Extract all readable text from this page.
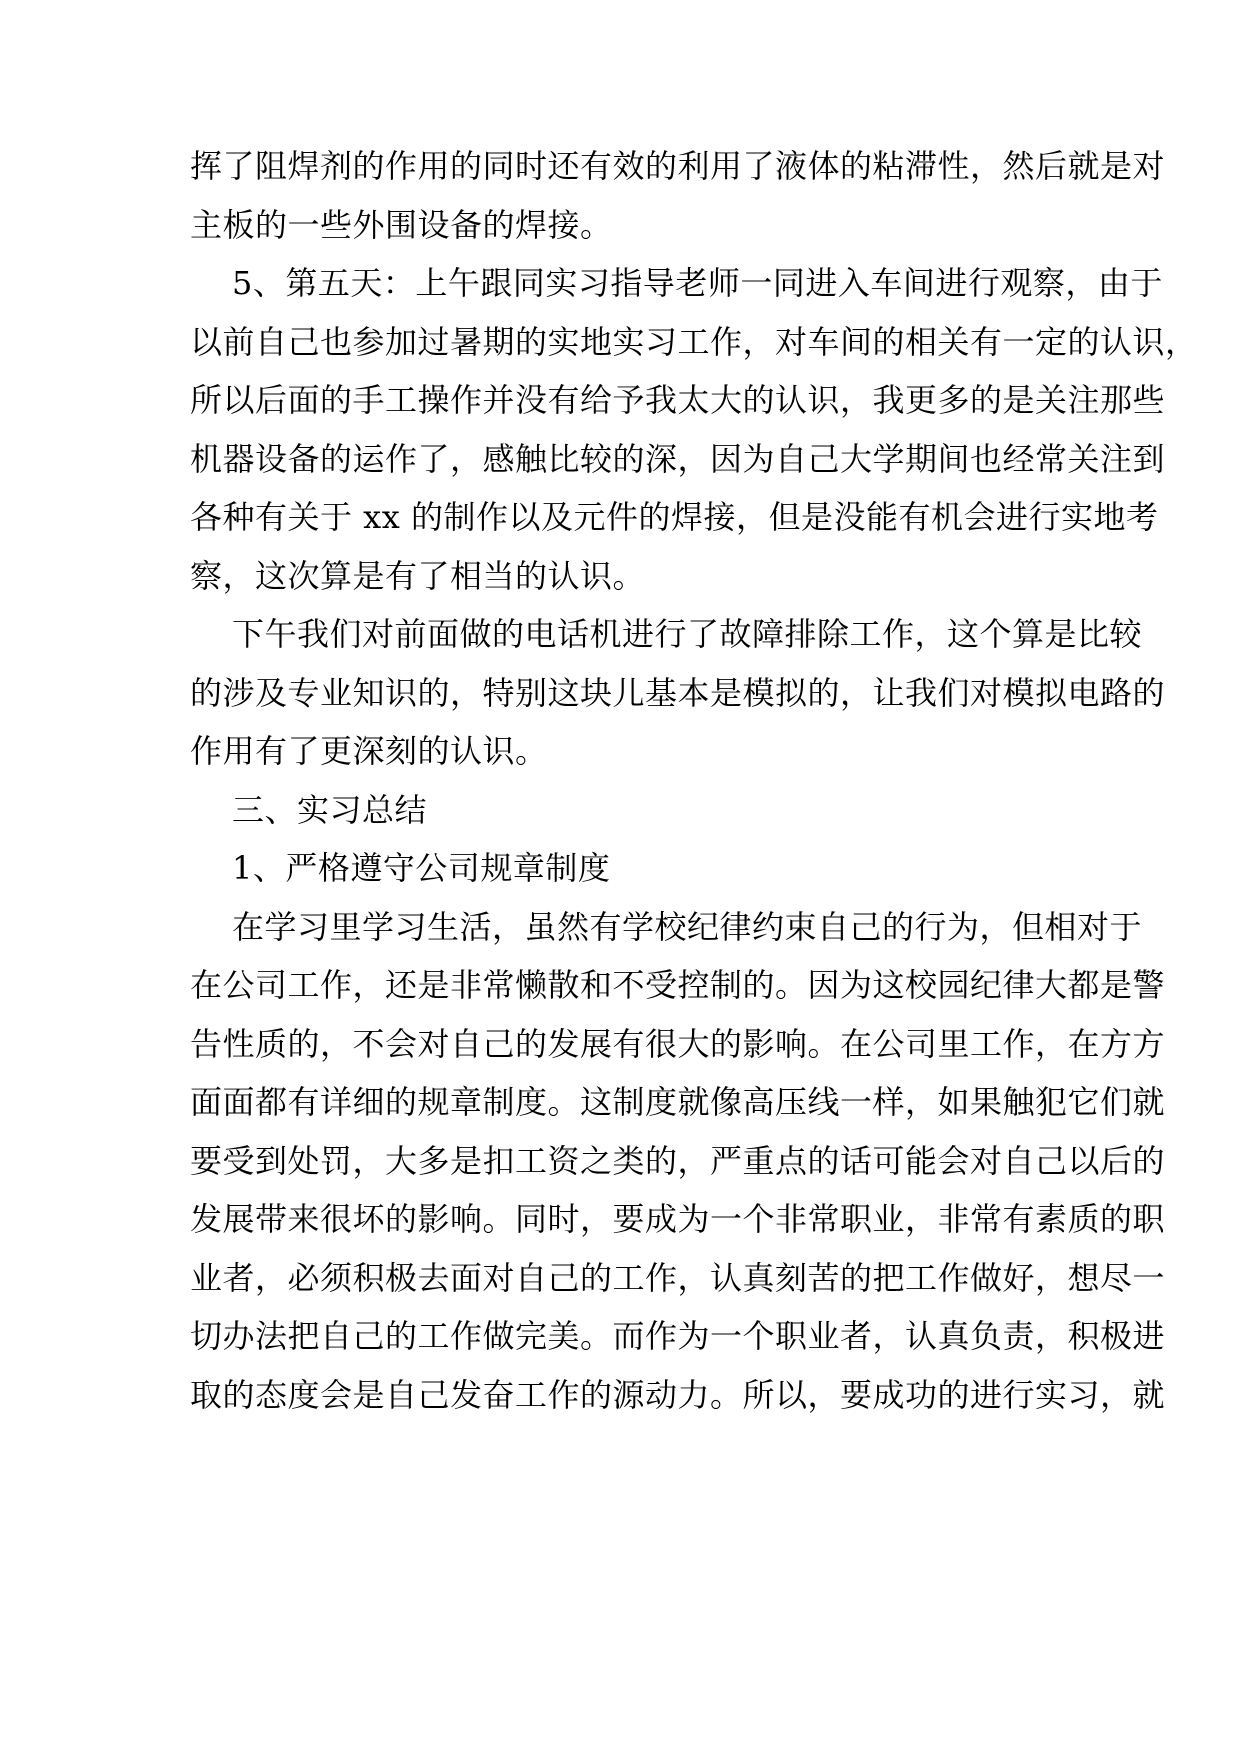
挥了阻焊剂的作用的同时还有效的利用了液体的粘滞性，然后就是对
主板的一些外围设备的焊接。
5、第五天：上午跟同实习指导老师一同进入车间进行观察，由于
以前自己也参加过暑期的实地实习工作，对车间的相关有一定的认识，
所以后面的手工操作并没有给予我太大的认识，我更多的是关注那些
机器设备的运作了，感触比较的深，因为自己大学期间也经常关注到
各种有关于 xx 的制作以及元件的焊接，但是没能有机会进行实地考
察，这次算是有了相当的认识。
下午我们对前面做的电话机进行了故障排除工作，这个算是比较
的涉及专业知识的，特别这块儿基本是模拟的，让我们对模拟电路的
作用有了更深刻的认识。
三、实习总结
1、严格遵守公司规章制度
在学习里学习生活，虽然有学校纪律约束自己的行为，但相对于
在公司工作，还是非常懒散和不受控制的。因为这校园纪律大都是警
告性质的，不会对自己的发展有很大的影响。在公司里工作，在方方
面面都有详细的规章制度。这制度就像高压线一样，如果触犯它们就
要受到处罚，大多是扣工资之类的，严重点的话可能会对自己以后的
发展带来很坏的影响。同时，要成为一个非常职业，非常有素质的职
业者，必须积极去面对自己的工作，认真刻苦的把工作做好，想尽一
切办法把自己的工作做完美。而作为一个职业者，认真负责，积极进
取的态度会是自己发奋工作的源动力。所以，要成功的进行实习，就
